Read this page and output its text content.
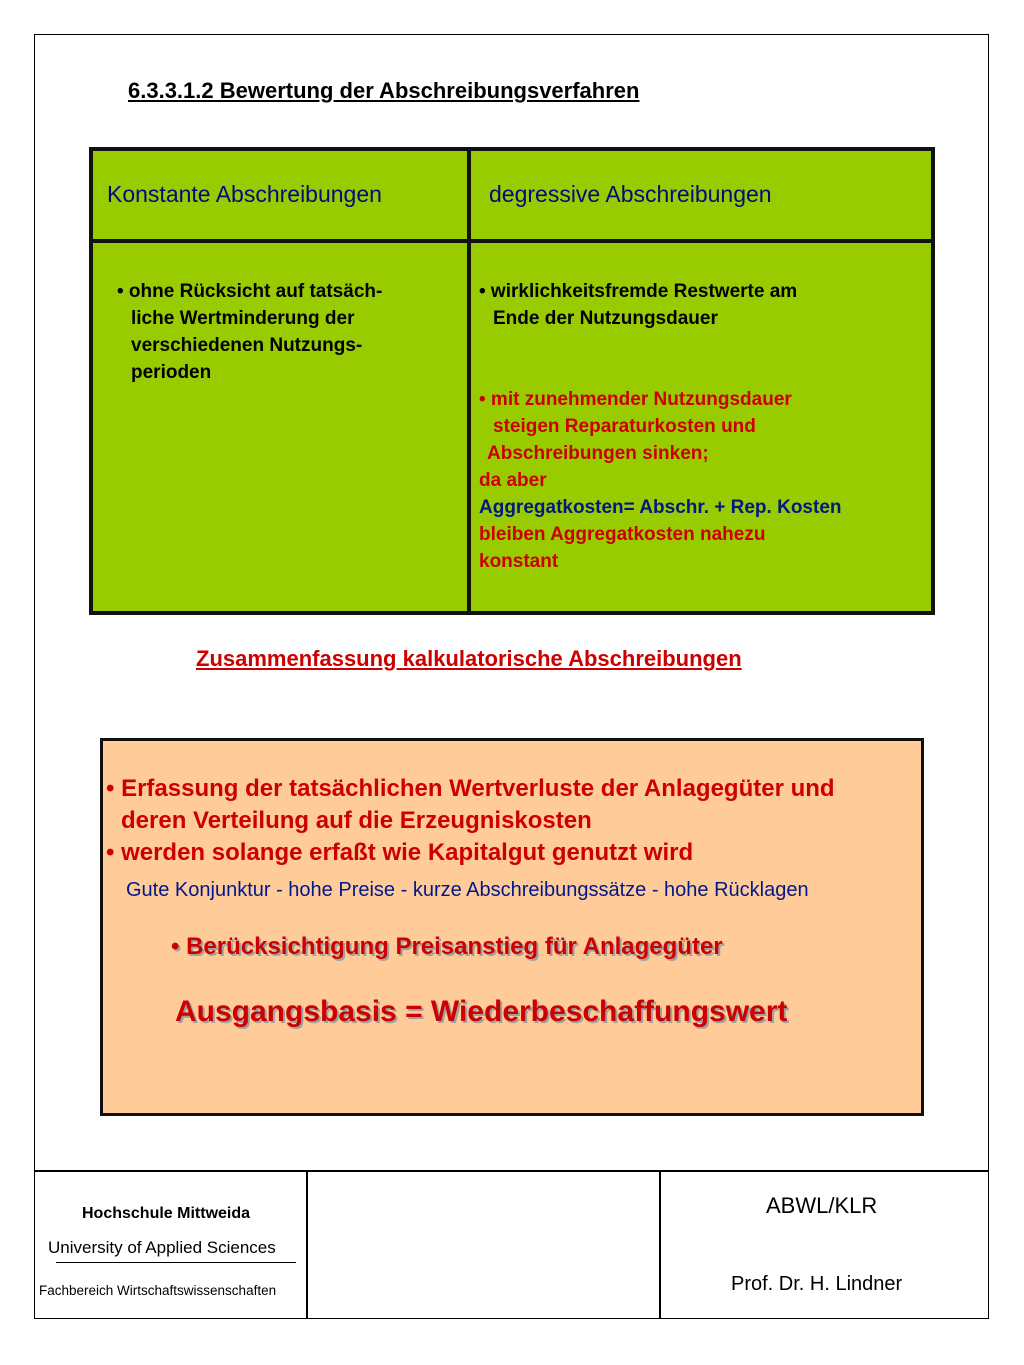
6.3.3.1.2 Bewertung der Abschreibungsverfahren
Konstante Abschreibungen	degressive Abschreibungen
• ohne Rücksicht auf tatsäch-
liche Wertminderung der
verschiedenen Nutzungs-
perioden
• wirklichkeitsfremde Restwerte am
Ende der Nutzungsdauer
• mit zunehmender Nutzungsdauer
steigen Reparaturkosten und
Abschreibungen sinken;
da aber
Aggregatkosten= Abschr. + Rep. Kosten
bleiben Aggregatkosten nahezu
konstant
Zusammenfassung kalkulatorische Abschreibungen
• Erfassung der tatsächlichen Wertverluste der Anlagegüter und
deren Verteilung auf die Erzeugniskosten
• werden solange erfaßt wie Kapitalgut genutzt wird
Gute Konjunktur - hohe Preise - kurze Abschreibungssätze - hohe Rücklagen
• Berücksichtigung Preisanstieg für Anlagegüter
Ausgangsbasis = Wiederbeschaffungswert
Hochschule Mittweida
University of Applied Sciences
Fachbereich Wirtschaftswissenschaften
ABWL/KLR
Prof. Dr. H. Lindner
